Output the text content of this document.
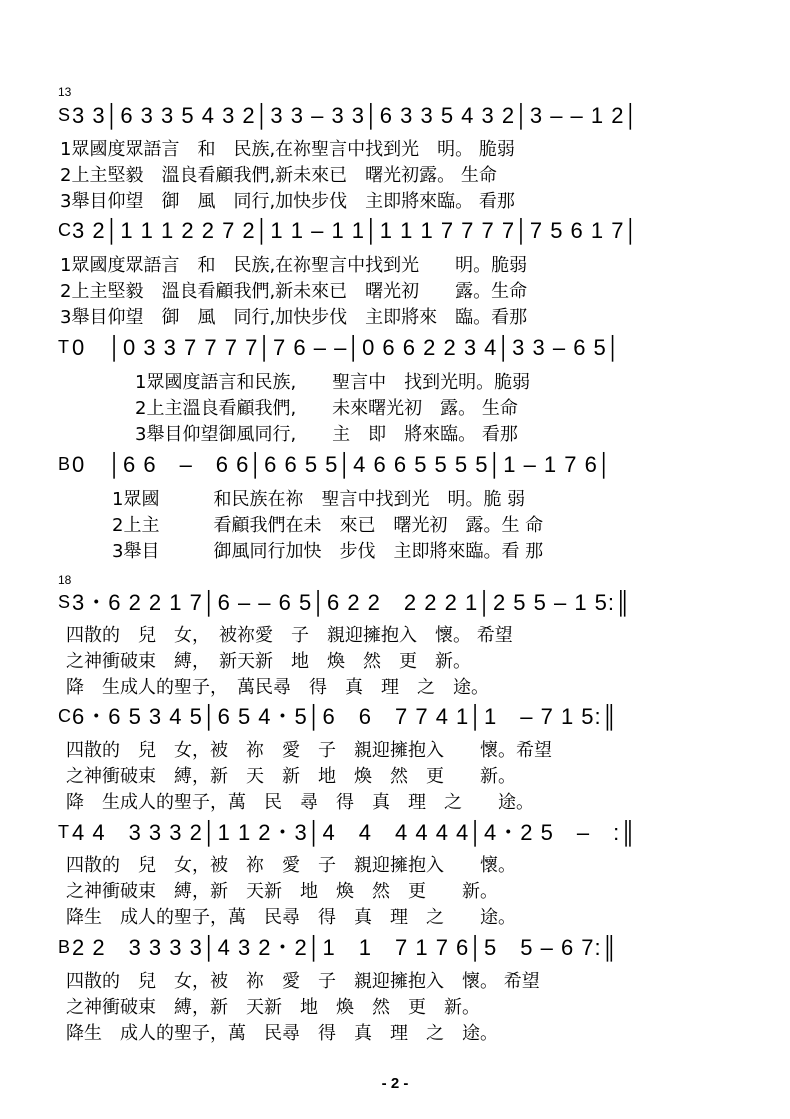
13
S 3 3│6 3 3 5 4 3 2│3 3 – 3 3│6 3 3 5 4 3 2│3 – – 1 2│
1眾國度眾語言　和　民族,在祢聖言中找到光　明。 脆弱
2上主堅毅　溫良看顧我們,新未來已　曙光初露。 生命
3舉目仰望　御　風　同行,加快步伐　主即將來臨。 看那
C 3 2│1 1 1 2 2 7 2│1 1 – 1 1│1 1 1 7 7 7 7│7 5 6 1 7│
1眾國度眾語言　和　民族,在祢聖言中找到光　　明。脆弱
2上主堅毅　溫良看顧我們,新未來已　曙光初　　露。生命
3舉目仰望　御　風　同行,加快步伐　主即將來　臨。看那
T 0　│0 3 3 7 7 7 7│7 6 – –│0 6 6 2 2 3 4│3 3 – 6 5│
1眾國度語言和民族,　　聖言中　找到光明。脆弱
2上主溫良看顧我們,　　未來曙光初　露。 生命
3舉目仰望御風同行,　　主　即　將來臨。 看那
B 0　│6 6　–　6 6│6 6 5 5│4 6 6 5 5 5 5│1 – 1 7 6│
1眾國　　　和民族在祢　聖言中找到光　明。脆 弱
2上主　　　看顧我們在未　來已　曙光初　露。生 命
3舉目　　　御風同行加快　步伐　主即將來臨。看 那
18
S 3・6 2 2 1 7│6 – – 6 5│6 2 2　2 2 2 1│2 5 5 – 1 5:║
四散的　兒　女，　被祢愛　子　親迎擁抱入　懷。 希望
之神衝破束　縛，　新天新　地　煥　然　更　新。
降　生成人的聖子，　萬民尋　得　真　理　之　途。
C 6・6 5 3 4 5│6 5 4・5│6　6　7 7 4 1│1　– 7 1 5:║
四散的　兒　女，被　祢　愛　子　親迎擁抱入　　懷。希望
之神衝破束　縛，新　天　新　地　煥　然　更　　新。
降　生成人的聖子，萬　民　尋　得　真　理　之　　途。
T 4 4　3 3 3 2│1 1 2・3│4　4　4 4 4 4│4・2 5　–　:║
四散的　兒　女，被　祢　愛　子　親迎擁抱入　　懷。
之神衝破束　縛，新　天新　地　煥　然　更　　新。
降生　成人的聖子，萬　民尋　得　真　理　之　　途。
B 2 2　3 3 3 3│4 3 2・2│1　1　7 1 7 6│5　5 – 6 7:║
四散的　兒　女，被　祢　愛　子　親迎擁抱入　懷。 希望
之神衝破束　縛，新　天新　地　煥　然　更　新。
降生　成人的聖子，萬　民尋　得　真　理　之　途。
- 2 -
